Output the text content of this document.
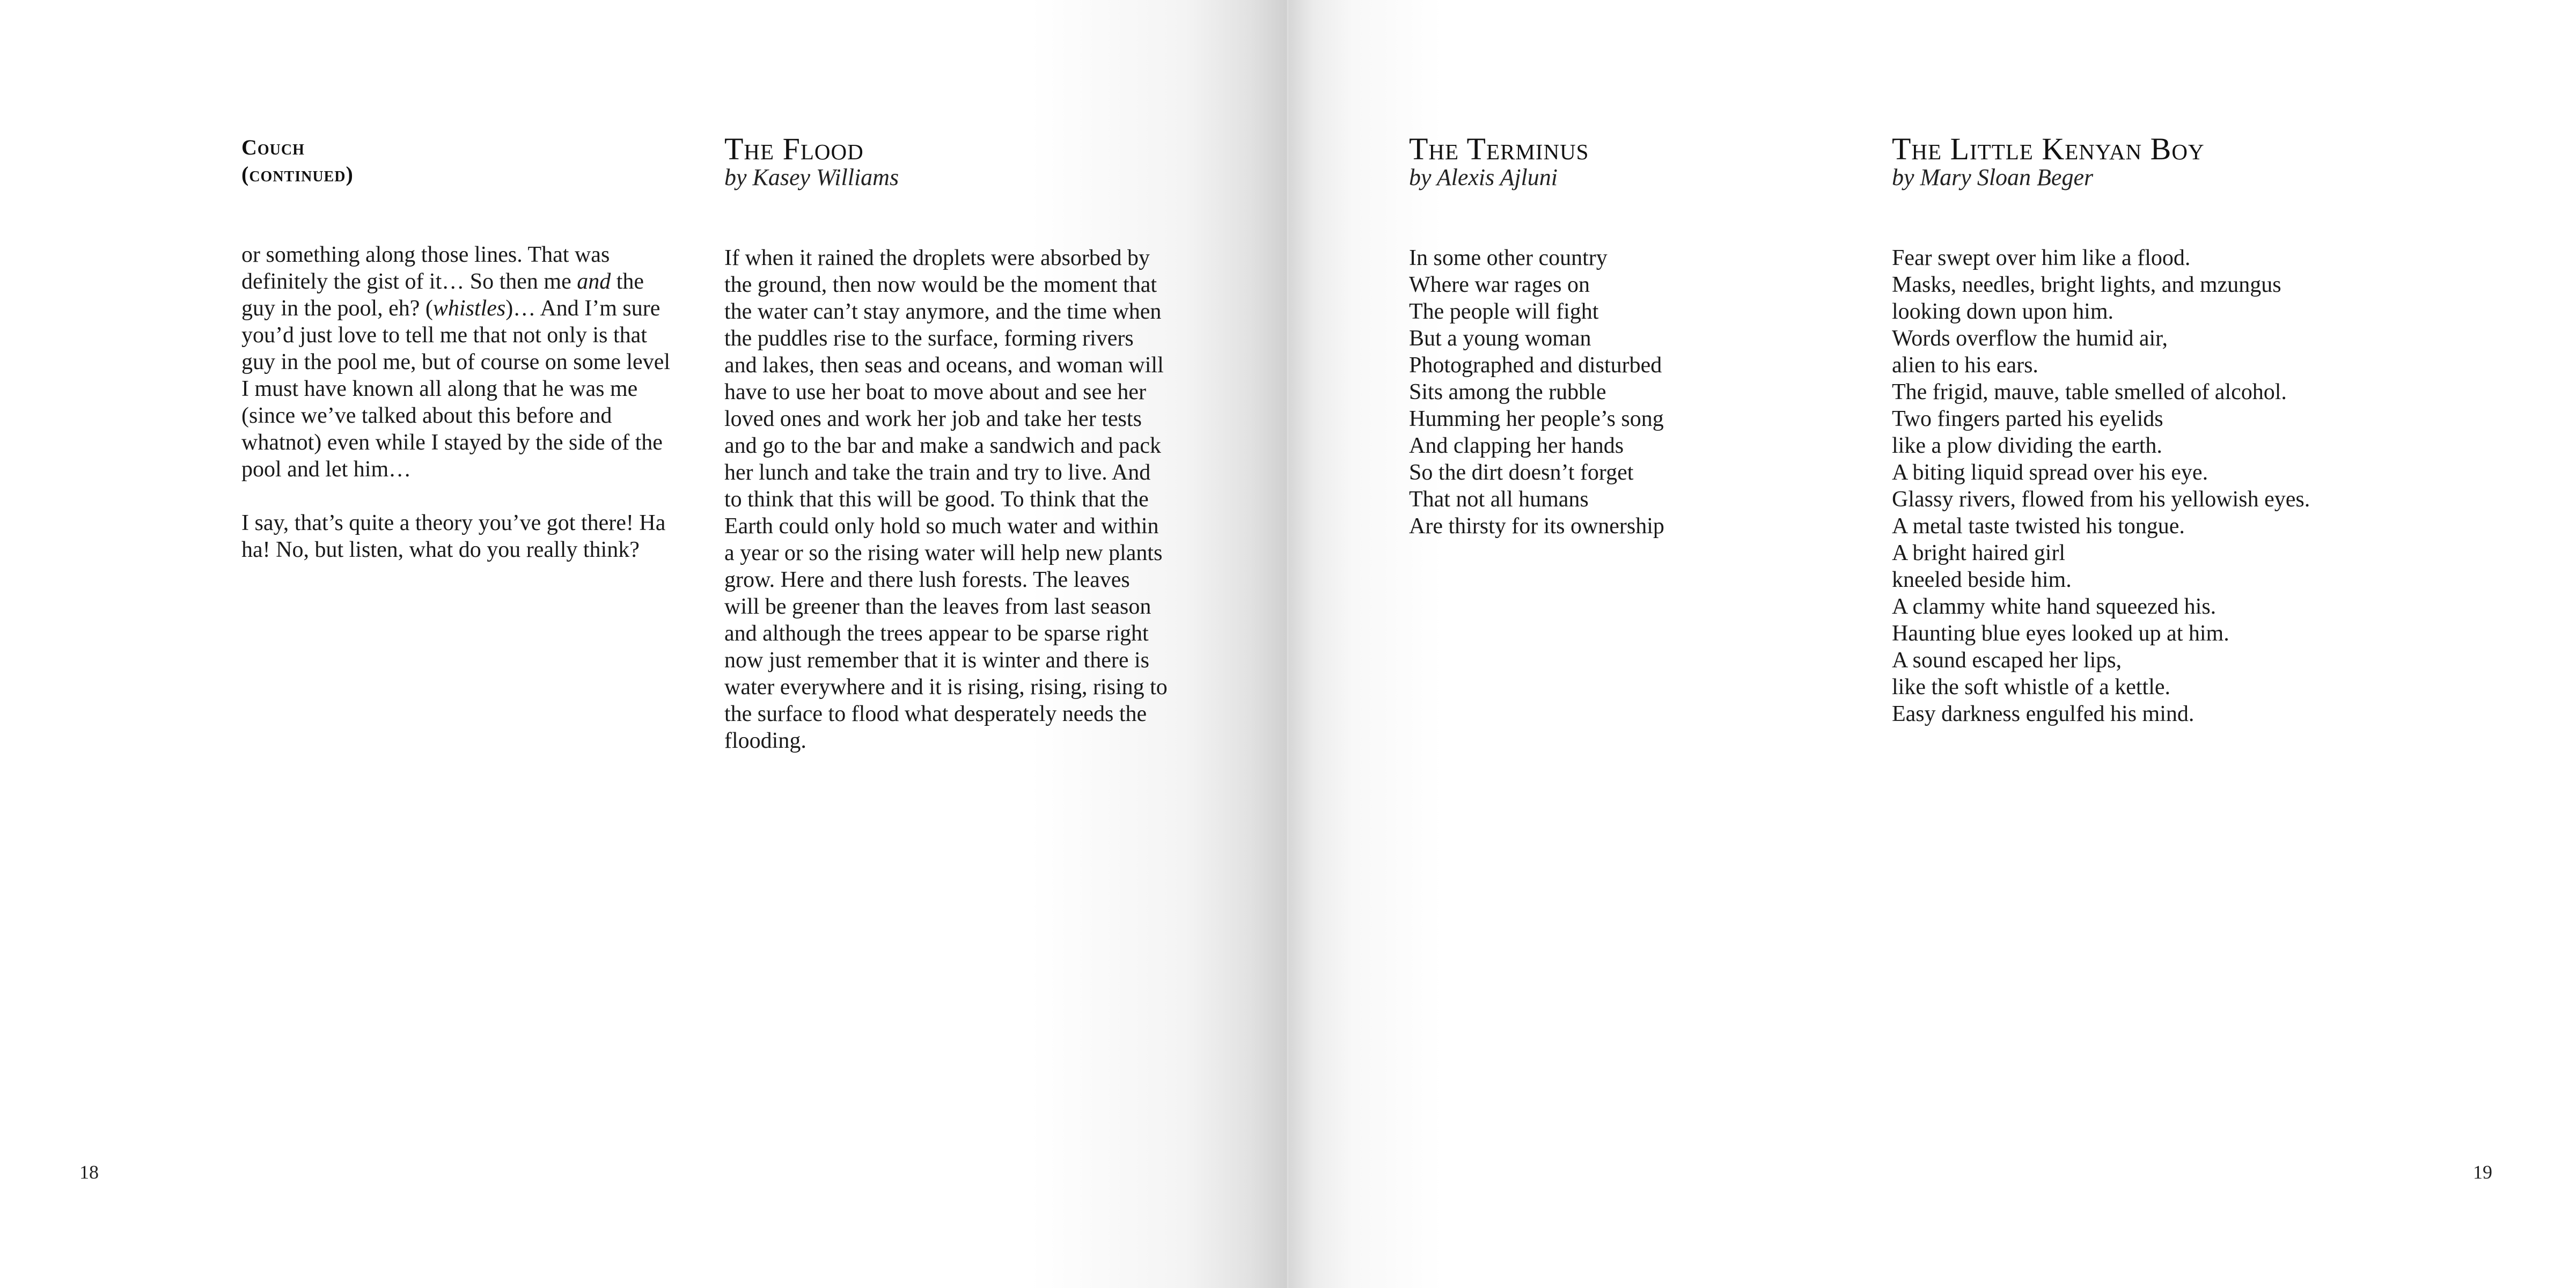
Couch
(continued)

or something along those lines. That was definitely the gist of it… So then me and the guy in the pool, eh? (whistles)… And I’m sure you’d just love to tell me that not only is that guy in the pool me, but of course on some level I must have known all along that he was me (since we’ve talked about this before and whatnot) even while I stayed by the side of the pool and let him…

I say, that’s quite a theory you’ve got there! Ha ha! No, but listen, what do you really think?

The Flood
by Kasey Williams

If when it rained the droplets were absorbed by the ground, then now would be the moment that the water can’t stay anymore, and the time when the puddles rise to the surface, forming rivers and lakes, then seas and oceans, and woman will have to use her boat to move about and see her loved ones and work her job and take her tests and go to the bar and make a sandwich and pack her lunch and take the train and try to live. And to think that this will be good. To think that the Earth could only hold so much water and within a year or so the rising water will help new plants grow. Here and there lush forests. The leaves will be greener than the leaves from last season and although the trees appear to be sparse right now just remember that it is winter and there is water everywhere and it is rising, rising, rising to the surface to flood what desperately needs the flooding.

18
The Terminus
by Alexis Ajluni
In some other country
Where war rages on
The people will fight
But a young woman
Photographed and disturbed
Sits among the rubble
Humming her people’s song
And clapping her hands
So the dirt doesn’t forget
That not all humans
Are thirsty for its ownership
The Little Kenyan Boy
by Mary Sloan Beger
Fear swept over him like a flood.
Masks, needles, bright lights, and mzungus
looking down upon him.
Words overflow the humid air,
alien to his ears.
The frigid, mauve, table smelled of alcohol.
Two fingers parted his eyelids
like a plow dividing the earth.
A biting liquid spread over his eye.
Glassy rivers, flowed from his yellowish eyes.
A metal taste twisted his tongue.
A bright haired girl
kneeled beside him.
A clammy white hand squeezed his.
Haunting blue eyes looked up at him.
A sound escaped her lips,
like the soft whistle of a kettle.
Easy darkness engulfed his mind.
19
